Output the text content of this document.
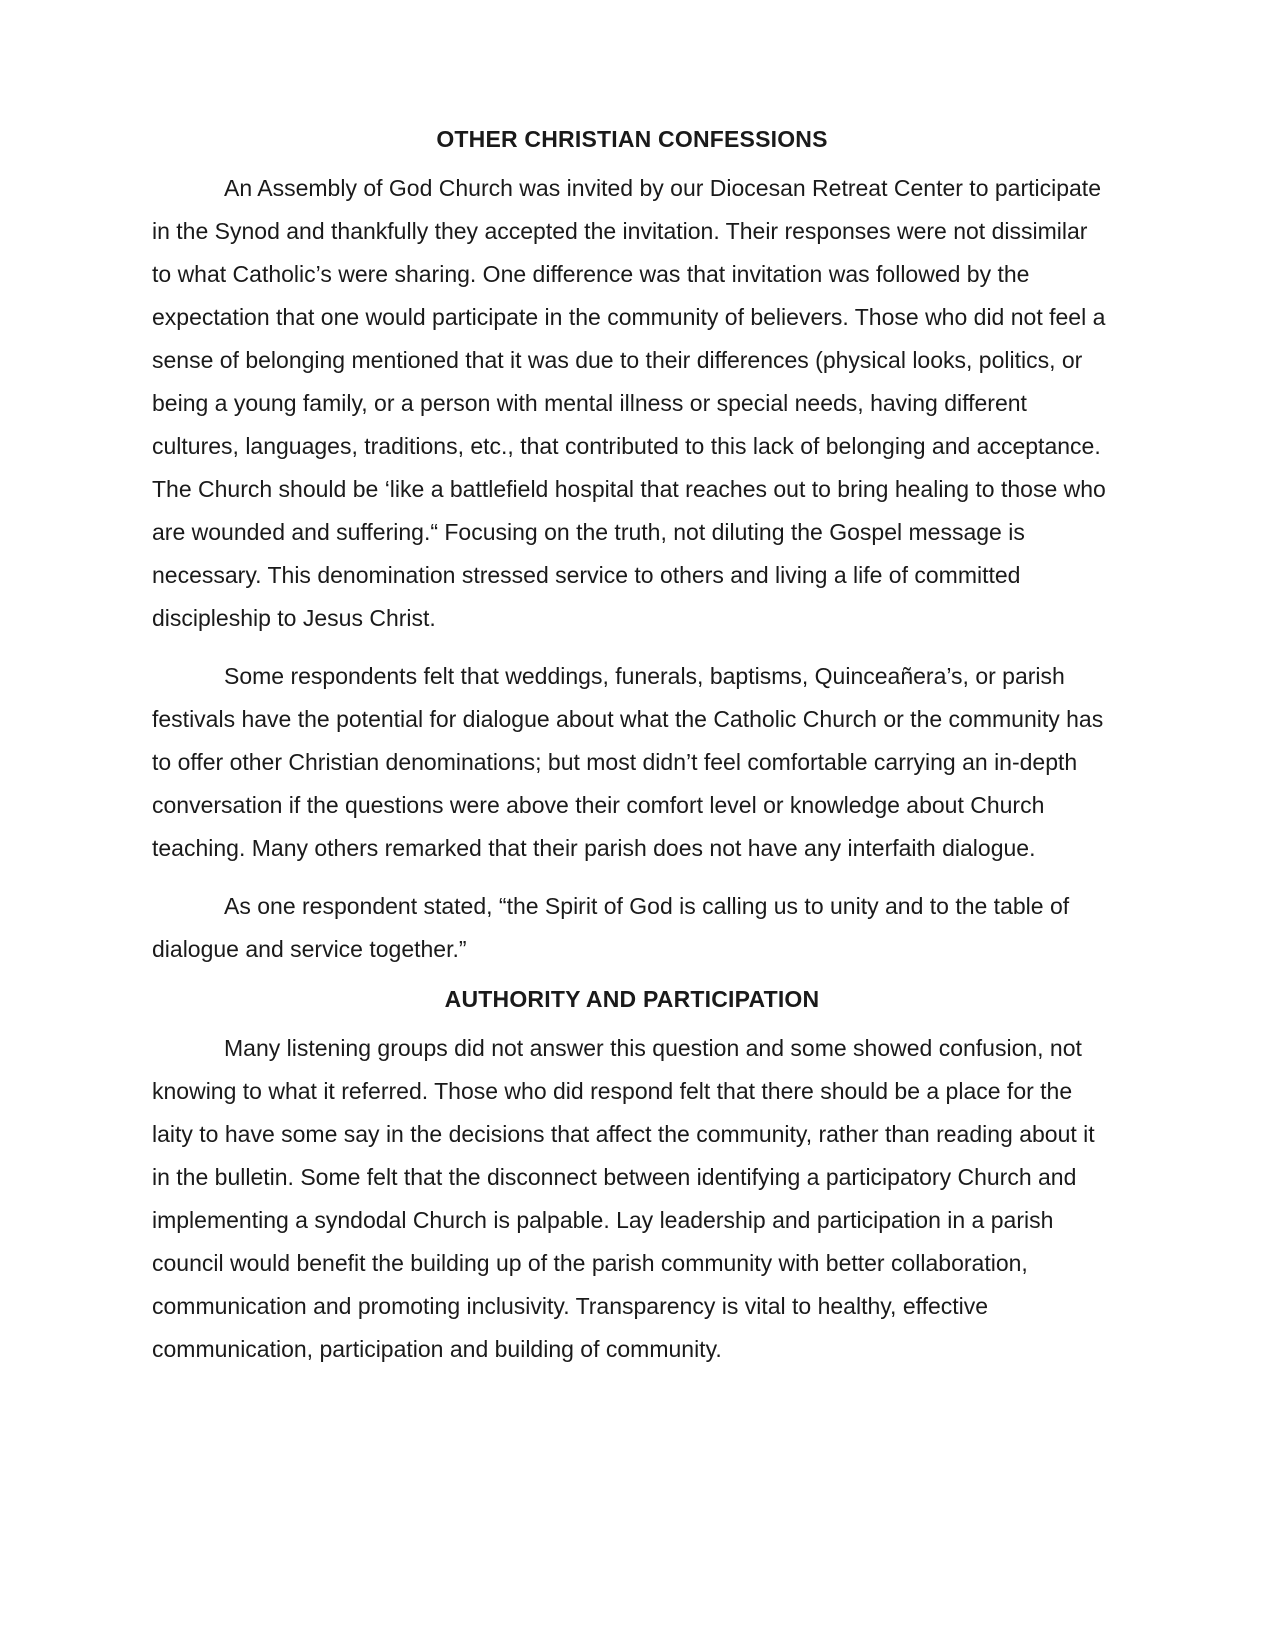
OTHER CHRISTIAN CONFESSIONS

An Assembly of God Church was invited by our Diocesan Retreat Center to participate in the Synod and thankfully they accepted the invitation. Their responses were not dissimilar to what Catholic’s were sharing. One difference was that invitation was followed by the expectation that one would participate in the community of believers. Those who did not feel a sense of belonging mentioned that it was due to their differences (physical looks, politics, or being a young family, or a person with mental illness or special needs, having different cultures, languages, traditions, etc., that contributed to this lack of belonging and acceptance. The Church should be ‘like a battlefield hospital that reaches out to bring healing to those who are wounded and suffering.“ Focusing on the truth, not diluting the Gospel message is necessary. This denomination stressed service to others and living a life of committed discipleship to Jesus Christ.

Some respondents felt that weddings, funerals, baptisms, Quinceañera’s, or parish festivals have the potential for dialogue about what the Catholic Church or the community has to offer other Christian denominations; but most didn’t feel comfortable carrying an in-depth conversation if the questions were above their comfort level or knowledge about Church teaching. Many others remarked that their parish does not have any interfaith dialogue.

As one respondent stated, “the Spirit of God is calling us to unity and to the table of dialogue and service together.”

AUTHORITY AND PARTICIPATION

Many listening groups did not answer this question and some showed confusion, not knowing to what it referred. Those who did respond felt that there should be a place for the laity to have some say in the decisions that affect the community, rather than reading about it in the bulletin. Some felt that the disconnect between identifying a participatory Church and implementing a syndodal Church is palpable. Lay leadership and participation in a parish council would benefit the building up of the parish community with better collaboration, communication and promoting inclusivity. Transparency is vital to healthy, effective communication, participation and building of community.
